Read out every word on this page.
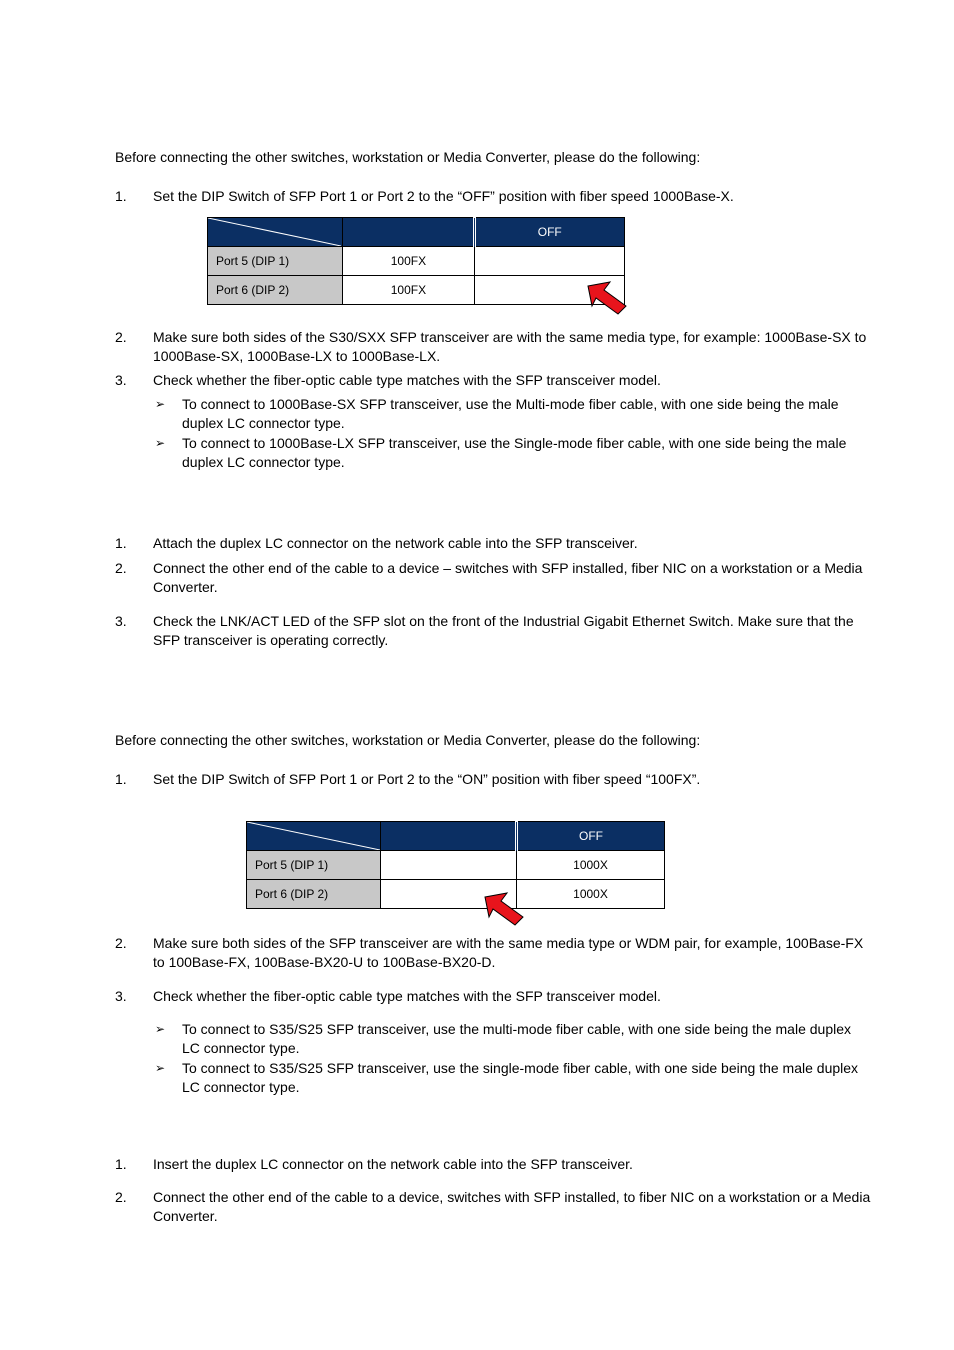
Before connecting the other switches, workstation or Media Converter, please do the following:
1. Set the DIP Switch of SFP Port 1 or Port 2 to the “OFF” position with fiber speed 1000Base-X.
		OFF
Port 5 (DIP 1)	100FX	
Port 6 (DIP 2)	100FX	
2. Make sure both sides of the S30/SXX SFP transceiver are with the same media type, for example: 1000Base-SX to
1000Base-SX, 1000Base-LX to 1000Base-LX.
3. Check whether the fiber-optic cable type matches with the SFP transceiver model.
➢ To connect to 1000Base-SX SFP transceiver, use the Multi-mode fiber cable, with one side being the male
duplex LC connector type.
➢ To connect to 1000Base-LX SFP transceiver, use the Single-mode fiber cable, with one side being the male
duplex LC connector type.
1. Attach the duplex LC connector on the network cable into the SFP transceiver.
2. Connect the other end of the cable to a device – switches with SFP installed, fiber NIC on a workstation or a Media
Converter.
3. Check the LNK/ACT LED of the SFP slot on the front of the Industrial Gigabit Ethernet Switch. Make sure that the
SFP transceiver is operating correctly.
Before connecting the other switches, workstation or Media Converter, please do the following:
1. Set the DIP Switch of SFP Port 1 or Port 2 to the “ON” position with fiber speed “100FX”.
		OFF
Port 5 (DIP 1)		1000X
Port 6 (DIP 2)		1000X
2. Make sure both sides of the SFP transceiver are with the same media type or WDM pair, for example, 100Base-FX
to 100Base-FX, 100Base-BX20-U to 100Base-BX20-D.
3. Check whether the fiber-optic cable type matches with the SFP transceiver model.
➢ To connect to S35/S25 SFP transceiver, use the multi-mode fiber cable, with one side being the male duplex
LC connector type.
➢ To connect to S35/S25 SFP transceiver, use the single-mode fiber cable, with one side being the male duplex
LC connector type.
1. Insert the duplex LC connector on the network cable into the SFP transceiver.
2. Connect the other end of the cable to a device, switches with SFP installed, to fiber NIC on a workstation or a Media
Converter.
